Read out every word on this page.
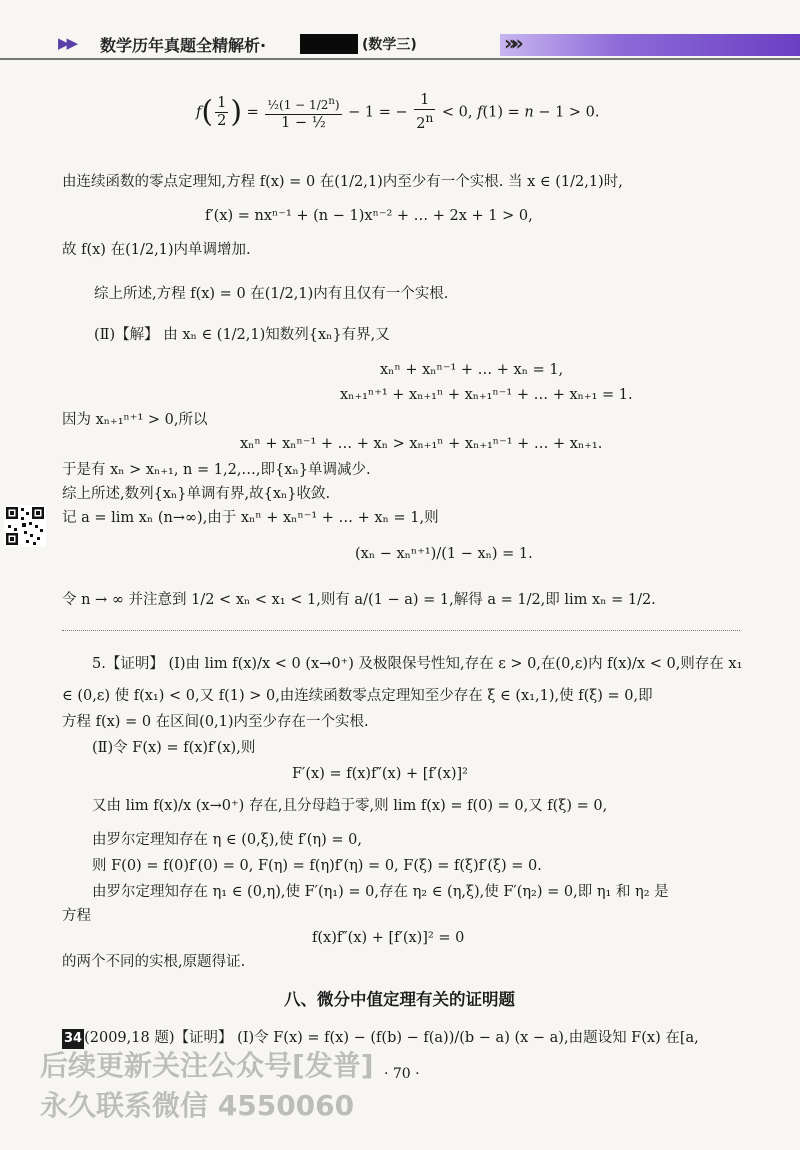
▶▶ 数学历年真题全精解析·	(数学三)	»»
$f( \frac{1}{2}$ ) = $\frac{\frac{1}{2}(1 - 1/2^n)}{\text{1 − ½}} - 1$ = − $\frac{1}{2^n} < 0$, f(1) = n − 1 > 0.
由连续函数的零点定理知,方程 f(x) = 0 在(1/2,1)内至少有一个实根. 当 x ∈ (1/2,1)时,
f′(x) = nxⁿ⁻¹ + (n − 1)xⁿ⁻² + … + 2x + 1 > 0,
故 f(x) 在(1/2,1)内单调增加.
综上所述,方程 f(x) = 0 在(1/2,1)内有且仅有一个实根.
(Ⅱ)【解】 由 xₙ ∈ (1/2,1)知数列{xₙ}有界,又
xₙⁿ + xₙⁿ⁻¹ + … + xₙ = 1,
xₙ₊₁ⁿ⁺¹ + xₙ₊₁ⁿ + xₙ₊₁ⁿ⁻¹ + … + xₙ₊₁ = 1.
因为 xₙ₊₁ⁿ⁺¹ > 0,所以
xₙⁿ + xₙⁿ⁻¹ + … + xₙ > xₙ₊₁ⁿ + xₙ₊₁ⁿ⁻¹ + … + xₙ₊₁.
于是有 xₙ > xₙ₊₁, n = 1,2,…,即{xₙ}单调减少.
综上所述,数列{xₙ}单调有界,故{xₙ}收敛.
记 a = lim xₙ (n→∞),由于 xₙⁿ + xₙⁿ⁻¹ + … + xₙ = 1,则
(xₙ − xₙⁿ⁺¹)/(1 − xₙ) = 1.
令 n → ∞ 并注意到 1/2 < xₙ < x₁ < 1,则有 a/(1 − a) = 1,解得 a = 1/2,即 lim xₙ = 1/2.
5.【证明】 (Ⅰ)由 lim f(x)/x < 0 (x→0⁺) 及极限保号性知,存在 ε > 0,在(0,ε)内 f(x)/x < 0,则存在 x₁
∈ (0,ε) 使 f(x₁) < 0,又 f(1) > 0,由连续函数零点定理知至少存在 ξ ∈ (x₁,1),使 f(ξ) = 0,即
方程 f(x) = 0 在区间(0,1)内至少存在一个实根.
(Ⅱ)令 F(x) = f(x)f′(x),则
F′(x) = f(x)f″(x) + [f′(x)]²
又由 lim f(x)/x (x→0⁺) 存在,且分母趋于零,则 lim f(x) = f(0) = 0,又 f(ξ) = 0,
由罗尔定理知存在 η ∈ (0,ξ),使 f′(η) = 0,
则 F(0) = f(0)f′(0) = 0, F(η) = f(η)f′(η) = 0, F(ξ) = f(ξ)f′(ξ) = 0.
由罗尔定理知存在 η₁ ∈ (0,η),使 F′(η₁) = 0,存在 η₂ ∈ (η,ξ),使 F′(η₂) = 0,即 η₁ 和 η₂ 是
方程
f(x)f″(x) + [f′(x)]² = 0
的两个不同的实根,原题得证.
八、微分中值定理有关的证明题
34 (2009,18 题)【证明】 (Ⅰ)令 F(x) = f(x) − (f(b) − f(a))/(b − a) (x − a),由题设知 F(x) 在[a,
· 70 ·
后续更新关注公众号[发普]
永久联系微信 4550060
